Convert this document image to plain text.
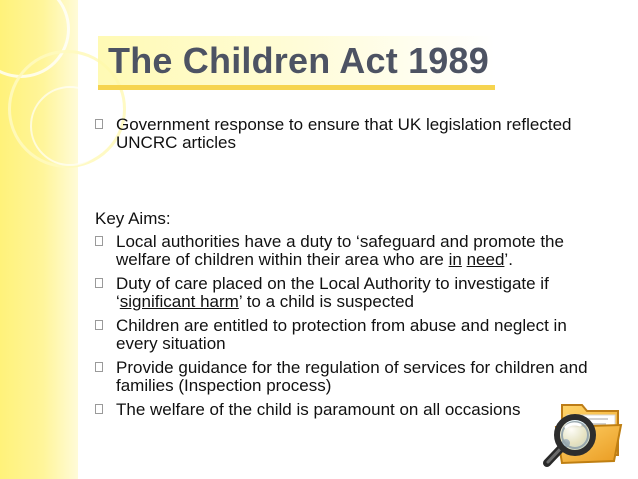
The Children Act 1989
Government response to ensure that UK legislation reflected UNCRC articles
Key Aims:
Local authorities have a duty to ‘safeguard and promote the welfare of children within their area who are in need’.
Duty of care placed on the Local Authority to investigate if ‘significant harm’ to a child is suspected
Children are entitled to protection from abuse and neglect in every situation
Provide guidance for the regulation of services for children and families (Inspection process)
The welfare of the child is paramount on all occasions
